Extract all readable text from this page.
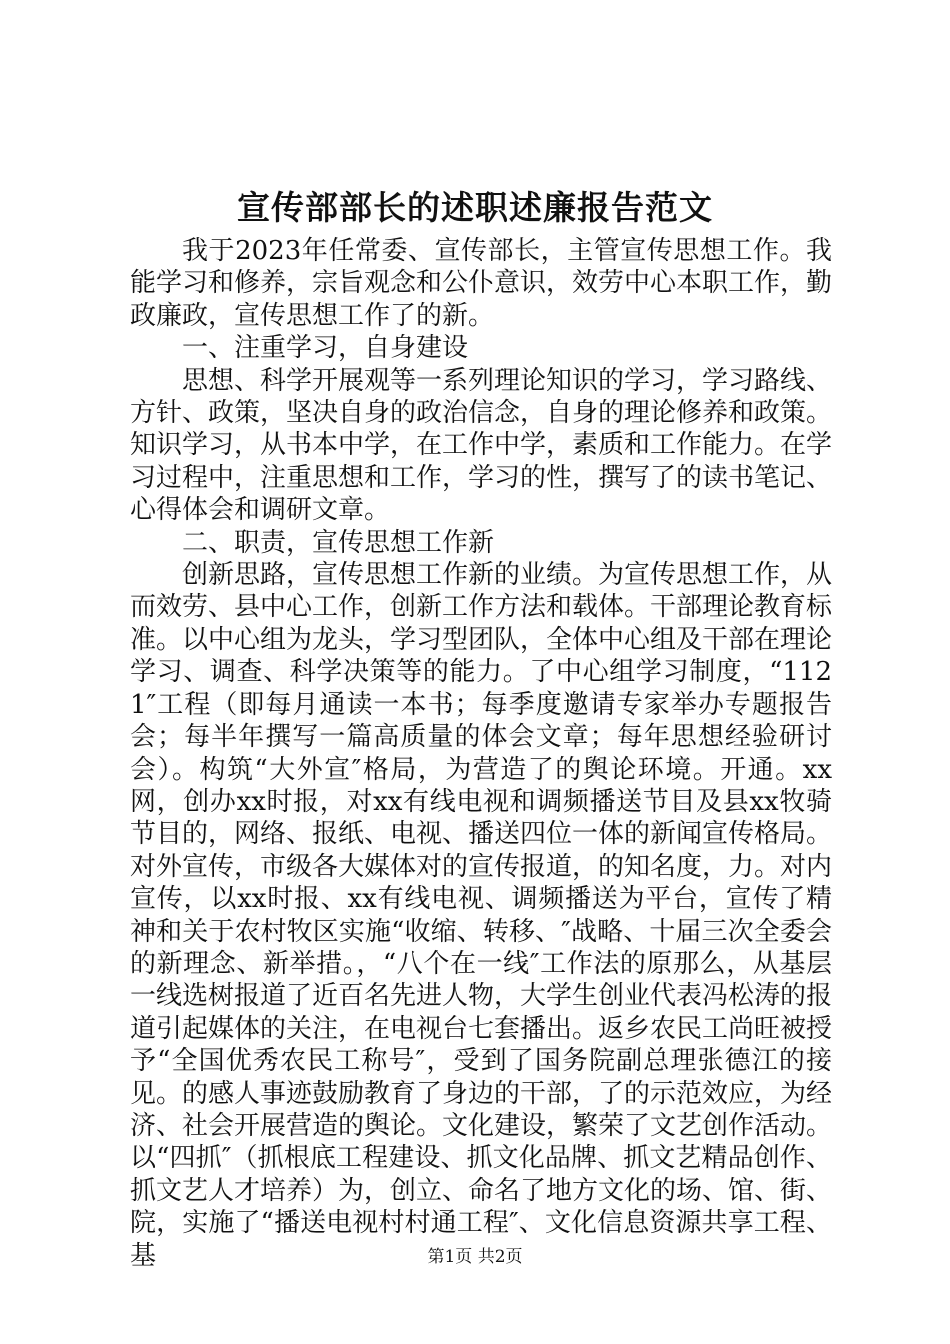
宣传部部长的述职述廉报告范文

我于2023年任常委、宣传部长，主管宣传思想工作。我能学习和修养，宗旨观念和公仆意识，效劳中心本职工作，勤政廉政，宣传思想工作了的新。

一、注重学习，自身建设

思想、科学开展观等一系列理论知识的学习，学习路线、方针、政策，坚决自身的政治信念，自身的理论修养和政策。知识学习，从书本中学，在工作中学，素质和工作能力。在学习过程中，注重思想和工作，学习的性，撰写了的读书笔记、心得体会和调研文章。

二、职责，宣传思想工作新

创新思路，宣传思想工作新的业绩。为宣传思想工作，从而效劳、县中心工作，创新工作方法和载体。干部理论教育标准。以中心组为龙头，学习型团队，全体中心组及干部在理论学习、调查、科学决策等的能力。了中心组学习制度，“1121″工程（即每月通读一本书；每季度邀请专家举办专题报告会；每半年撰写一篇高质量的体会文章；每年思想经验研讨会）。构筑“大外宣″格局，为营造了的舆论环境。开通。xx网，创办xx时报，对xx有线电视和调频播送节目及县xx牧骑节目的，网络、报纸、电视、播送四位一体的新闻宣传格局。对外宣传，市级各大媒体对的宣传报道，的知名度，力。对内宣传，以xx时报、xx有线电视、调频播送为平台，宣传了精神和关于农村牧区实施“收缩、转移、″战略、十届三次全委会的新理念、新举措。，“八个在一线″工作法的原那么，从基层一线选树报道了近百名先进人物，大学生创业代表冯松涛的报道引起媒体的关注，在电视台七套播出。返乡农民工尚旺被授予“全国优秀农民工称号″，受到了国务院副总理张德江的接见。的感人事迹鼓励教育了身边的干部，了的示范效应，为经济、社会开展营造的舆论。文化建设，繁荣了文艺创作活动。以“四抓″（抓根底工程建设、抓文化品牌、抓文艺精品创作、抓文艺人才培养）为，创立、命名了地方文化的场、馆、街、院，实施了“播送电视村村通工程″、文化信息资源共享工程、基	第1页 共2页
